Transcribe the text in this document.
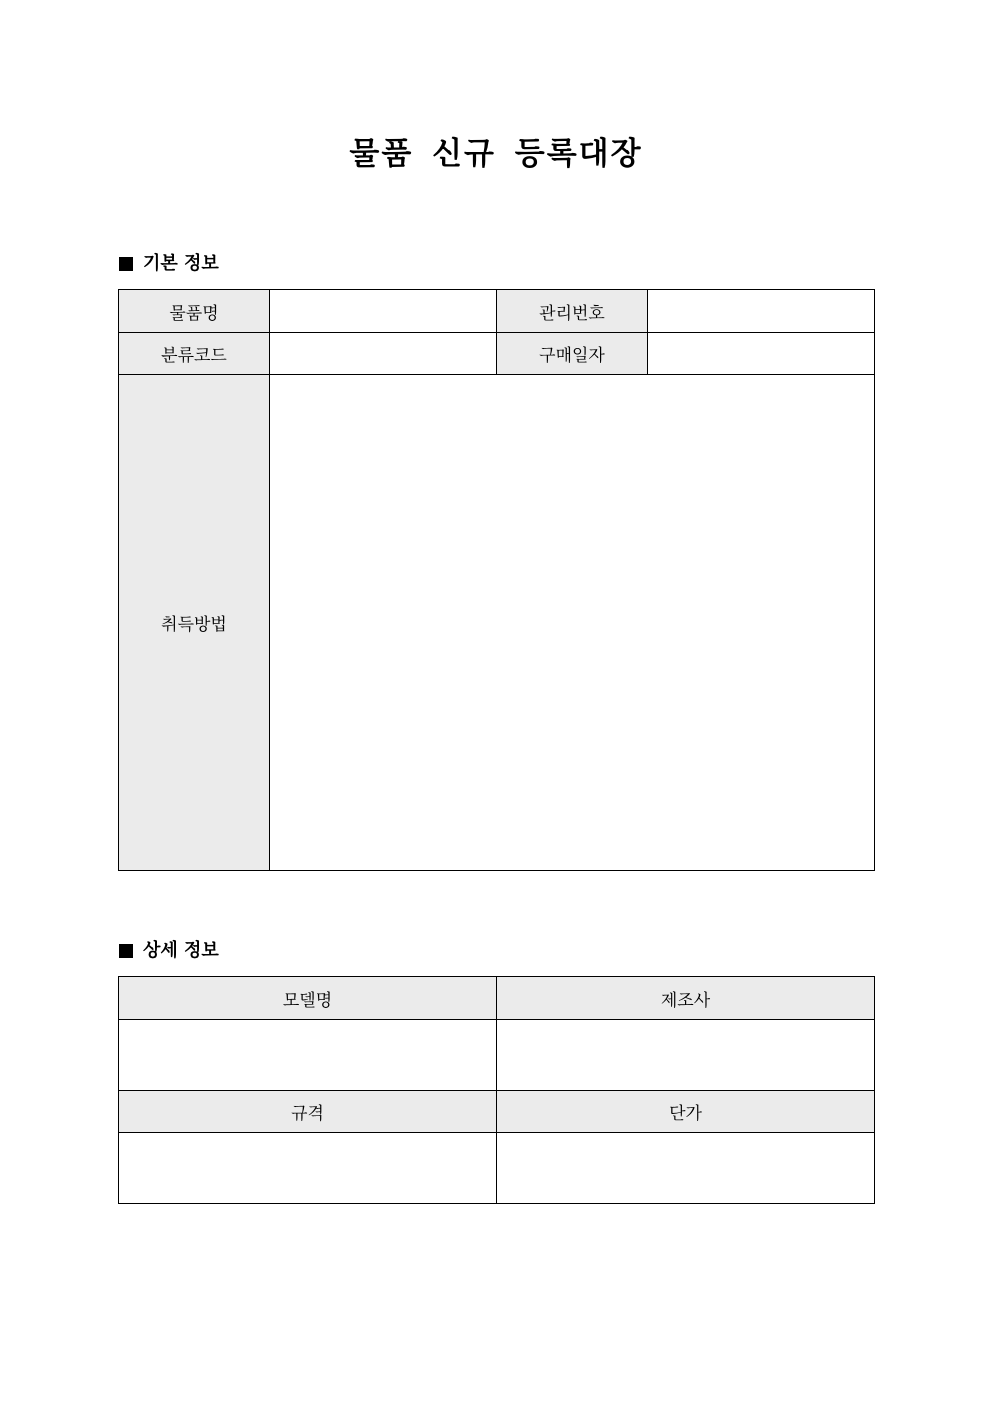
물품 신규 등록대장
기본 정보
물품명		관리번호	
분류코드		구매일자	
취득방법			
상세 정보
모델명	제조사

규격	단가
